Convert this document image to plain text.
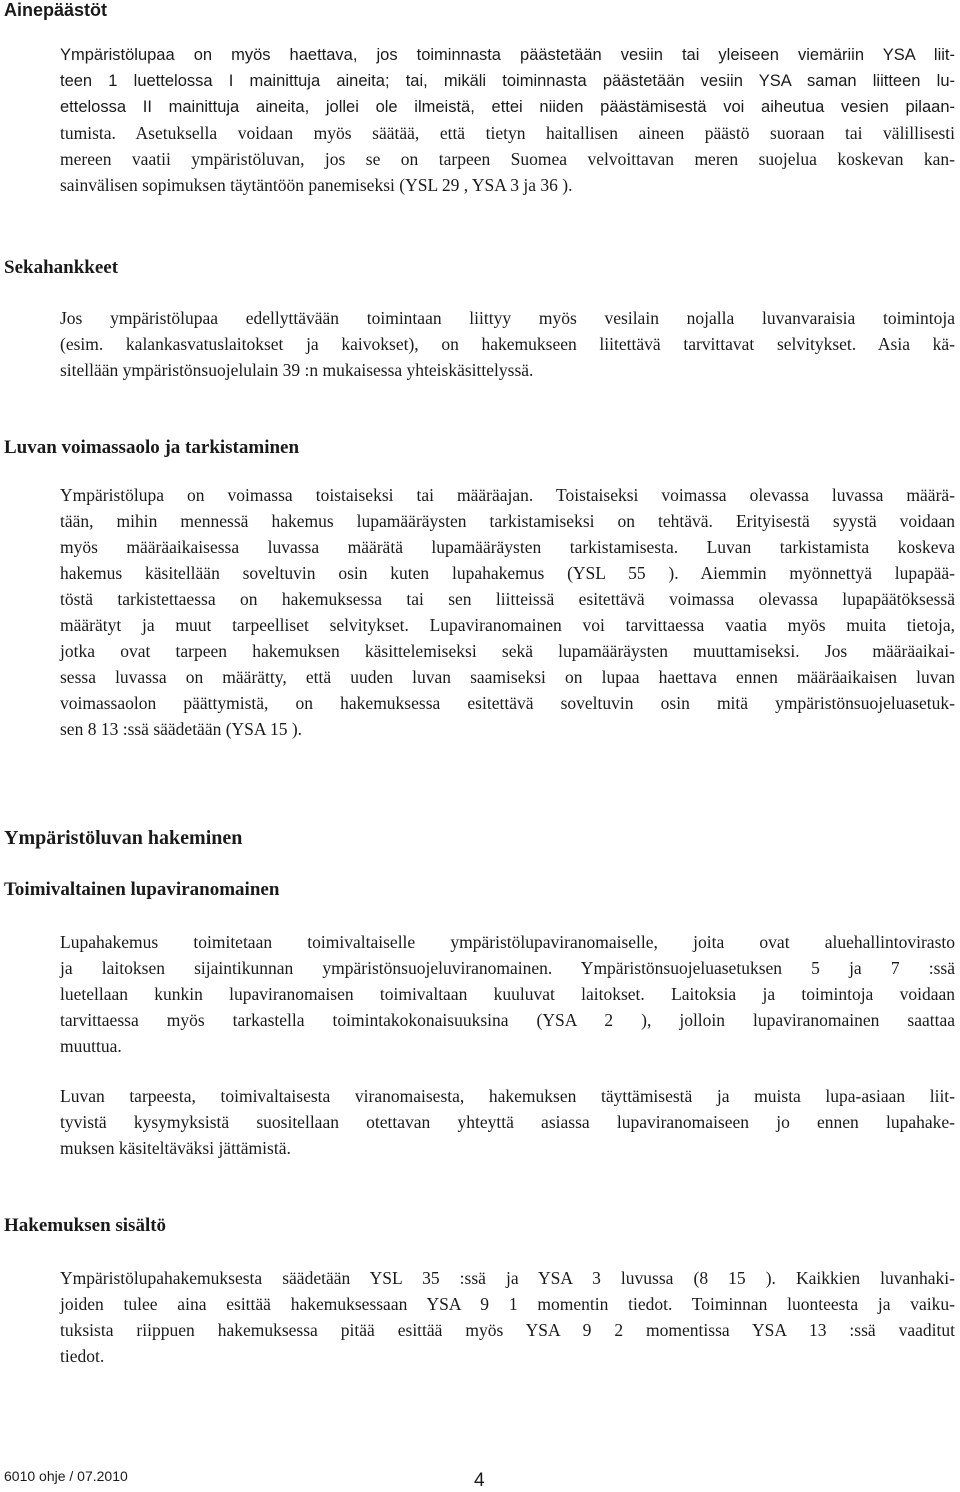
Ainepäästöt
Ympäristölupaa on myös haettava, jos toiminnasta päästetään vesiin tai yleiseen viemäriin YSA liit-
teen 1 luettelossa I mainittuja aineita; tai, mikäli toiminnasta päästetään vesiin YSA saman liitteen lu-
ettelossa II mainittuja aineita, jollei ole ilmeistä, ettei niiden päästämisestä voi aiheutua vesien pilaan-
tumista. Asetuksella voidaan myös säätää, että tietyn haitallisen aineen päästö suoraan tai välillisesti
mereen vaatii ympäristöluvan, jos se on tarpeen Suomea velvoittavan meren suojelua koskevan kan-
sainvälisen sopimuksen täytäntöön panemiseksi (YSL 29 , YSA 3 ja 36 ).
Sekahankkeet
Jos ympäristölupaa edellyttävään toimintaan liittyy myös vesilain nojalla luvanvaraisia toimintoja
(esim. kalankasvatuslaitokset ja kaivokset), on hakemukseen liitettävä tarvittavat selvitykset. Asia kä-
sitellään ympäristönsuojelulain 39 :n mukaisessa yhteiskäsittelyssä.
Luvan voimassaolo ja tarkistaminen
Ympäristölupa on voimassa toistaiseksi tai määräajan. Toistaiseksi voimassa olevassa luvassa määrä-
tään, mihin mennessä hakemus lupamääräysten tarkistamiseksi on tehtävä. Erityisestä syystä voidaan
myös määräaikaisessa luvassa määrätä lupamääräysten tarkistamisesta. Luvan tarkistamista koskeva
hakemus käsitellään soveltuvin osin kuten lupahakemus (YSL 55 ). Aiemmin myönnettyä lupapää-
töstä tarkistettaessa on hakemuksessa tai sen liitteissä esitettävä voimassa olevassa lupapäätöksessä
määrätyt ja muut tarpeelliset selvitykset. Lupaviranomainen voi tarvittaessa vaatia myös muita tietoja,
jotka ovat tarpeen hakemuksen käsittelemiseksi sekä lupamääräysten muuttamiseksi. Jos määräaikai-
sessa luvassa on määrätty, että uuden luvan saamiseksi on lupaa haettava ennen määräaikaisen luvan
voimassaolon päättymistä, on hakemuksessa esitettävä soveltuvin osin mitä ympäristönsuojeluasetuk-
sen 8 13 :ssä säädetään (YSA 15 ).
Ympäristöluvan hakeminen
Toimivaltainen lupaviranomainen
Lupahakemus toimitetaan toimivaltaiselle ympäristölupaviranomaiselle, joita ovat aluehallintovirasto
ja laitoksen sijaintikunnan ympäristönsuojeluviranomainen. Ympäristönsuojeluasetuksen 5 ja 7 :ssä
luetellaan kunkin lupaviranomaisen toimivaltaan kuuluvat laitokset. Laitoksia ja toimintoja voidaan
tarvittaessa myös tarkastella toimintakokonaisuuksina (YSA 2 ), jolloin lupaviranomainen saattaa
muuttua.
Luvan tarpeesta, toimivaltaisesta viranomaisesta, hakemuksen täyttämisestä ja muista lupa-asiaan liit-
tyvistä kysymyksistä suositellaan otettavan yhteyttä asiassa lupaviranomaiseen jo ennen lupahake-
muksen käsiteltäväksi jättämistä.
Hakemuksen sisältö
Ympäristölupahakemuksesta säädetään YSL 35 :ssä ja YSA 3 luvussa (8 15 ). Kaikkien luvanhaki-
joiden tulee aina esittää hakemuksessaan YSA 9 1 momentin tiedot. Toiminnan luonteesta ja vaiku-
tuksista riippuen hakemuksessa pitää esittää myös YSA 9 2 momentissa YSA 13 :ssä vaaditut
tiedot.
6010 ohje / 07.2010	4
